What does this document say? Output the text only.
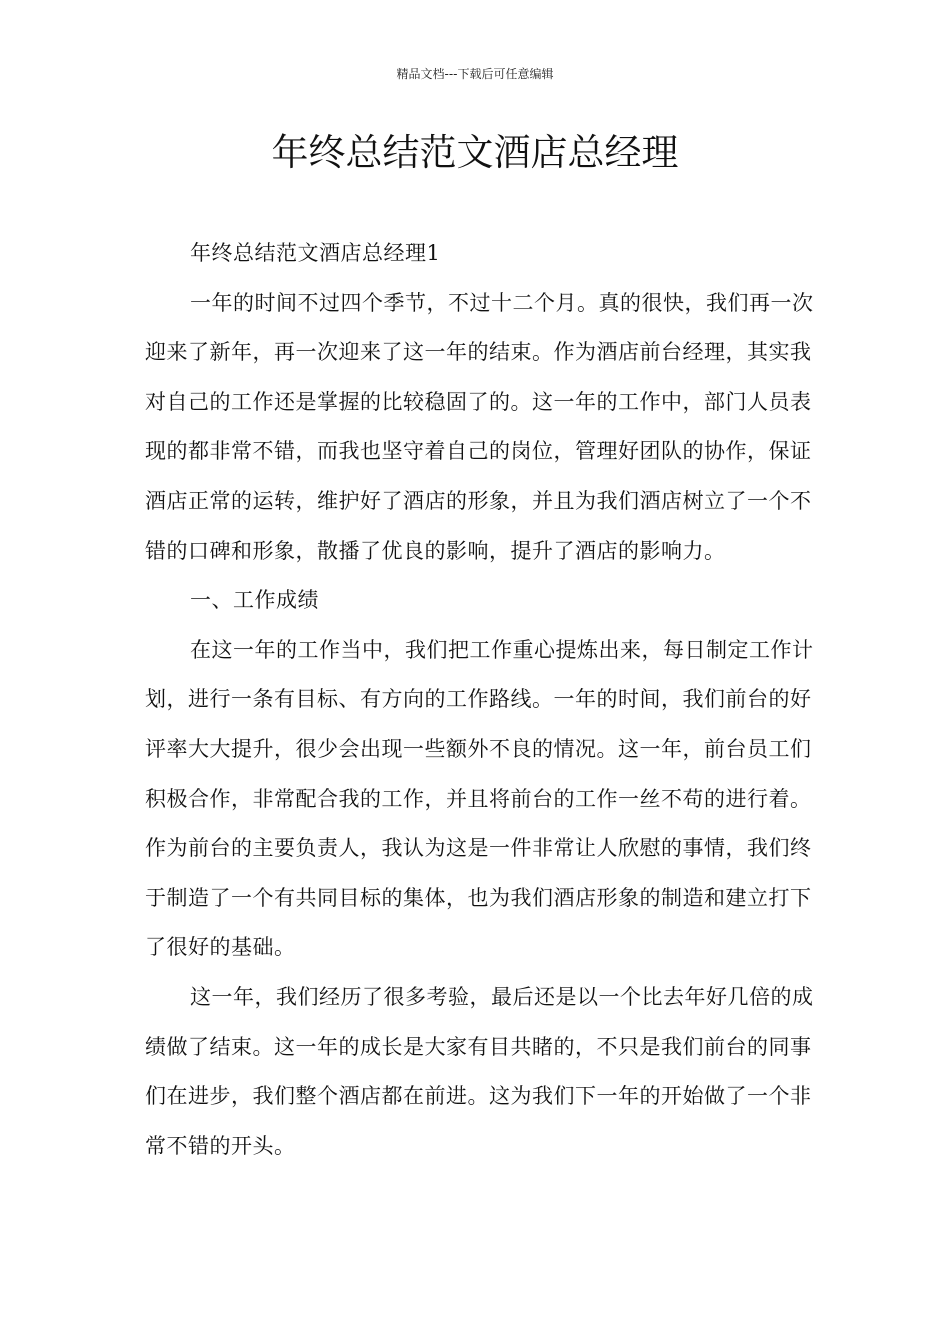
精品文档---下载后可任意编辑
年终总结范文酒店总经理

年终总结范文酒店总经理1

一年的时间不过四个季节，不过十二个月。真的很快，我们再一次迎来了新年，再一次迎来了这一年的结束。作为酒店前台经理，其实我对自己的工作还是掌握的比较稳固了的。这一年的工作中，部门人员表现的都非常不错，而我也坚守着自己的岗位，管理好团队的协作，保证酒店正常的运转，维护好了酒店的形象，并且为我们酒店树立了一个不错的口碑和形象，散播了优良的影响，提升了酒店的影响力。

一、工作成绩

在这一年的工作当中，我们把工作重心提炼出来，每日制定工作计划，进行一条有目标、有方向的工作路线。一年的时间，我们前台的好评率大大提升，很少会出现一些额外不良的情况。这一年，前台员工们积极合作，非常配合我的工作，并且将前台的工作一丝不苟的进行着。作为前台的主要负责人，我认为这是一件非常让人欣慰的事情，我们终于制造了一个有共同目标的集体，也为我们酒店形象的制造和建立打下了很好的基础。

这一年，我们经历了很多考验，最后还是以一个比去年好几倍的成绩做了结束。这一年的成长是大家有目共睹的，不只是我们前台的同事们在进步，我们整个酒店都在前进。这为我们下一年的开始做了一个非常不错的开头。
